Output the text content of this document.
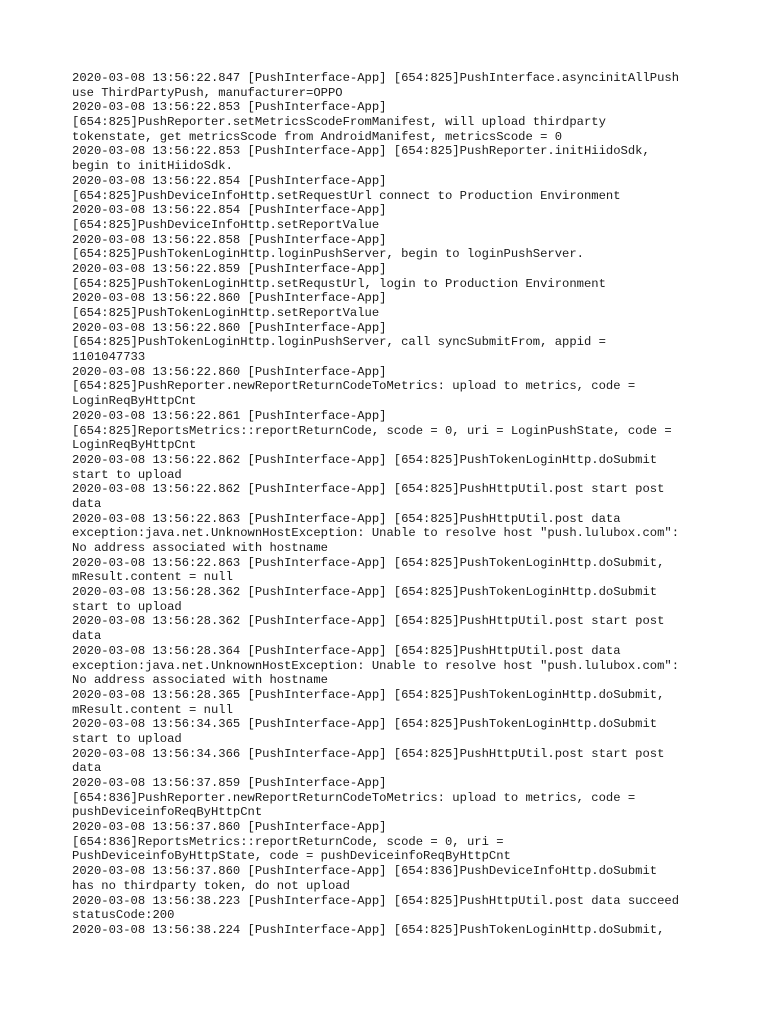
2020-03-08 13:56:22.847 [PushInterface-App] [654:825]PushInterface.asyncinitAllPush
use ThirdPartyPush, manufacturer=OPPO
2020-03-08 13:56:22.853 [PushInterface-App]
[654:825]PushReporter.setMetricsScodeFromManifest, will upload thirdparty
tokenstate, get metricsScode from AndroidManifest, metricsScode = 0
2020-03-08 13:56:22.853 [PushInterface-App] [654:825]PushReporter.initHiidoSdk,
begin to initHiidoSdk.
2020-03-08 13:56:22.854 [PushInterface-App]
[654:825]PushDeviceInfoHttp.setRequestUrl connect to Production Environment
2020-03-08 13:56:22.854 [PushInterface-App]
[654:825]PushDeviceInfoHttp.setReportValue
2020-03-08 13:56:22.858 [PushInterface-App]
[654:825]PushTokenLoginHttp.loginPushServer, begin to loginPushServer.
2020-03-08 13:56:22.859 [PushInterface-App]
[654:825]PushTokenLoginHttp.setRequstUrl, login to Production Environment
2020-03-08 13:56:22.860 [PushInterface-App]
[654:825]PushTokenLoginHttp.setReportValue
2020-03-08 13:56:22.860 [PushInterface-App]
[654:825]PushTokenLoginHttp.loginPushServer, call syncSubmitFrom, appid =
1101047733
2020-03-08 13:56:22.860 [PushInterface-App]
[654:825]PushReporter.newReportReturnCodeToMetrics: upload to metrics, code =
LoginReqByHttpCnt
2020-03-08 13:56:22.861 [PushInterface-App]
[654:825]ReportsMetrics::reportReturnCode, scode = 0, uri = LoginPushState, code =
LoginReqByHttpCnt
2020-03-08 13:56:22.862 [PushInterface-App] [654:825]PushTokenLoginHttp.doSubmit
start to upload
2020-03-08 13:56:22.862 [PushInterface-App] [654:825]PushHttpUtil.post start post
data
2020-03-08 13:56:22.863 [PushInterface-App] [654:825]PushHttpUtil.post data
exception:java.net.UnknownHostException: Unable to resolve host "push.lulubox.com":
No address associated with hostname
2020-03-08 13:56:22.863 [PushInterface-App] [654:825]PushTokenLoginHttp.doSubmit,
mResult.content = null
2020-03-08 13:56:28.362 [PushInterface-App] [654:825]PushTokenLoginHttp.doSubmit
start to upload
2020-03-08 13:56:28.362 [PushInterface-App] [654:825]PushHttpUtil.post start post
data
2020-03-08 13:56:28.364 [PushInterface-App] [654:825]PushHttpUtil.post data
exception:java.net.UnknownHostException: Unable to resolve host "push.lulubox.com":
No address associated with hostname
2020-03-08 13:56:28.365 [PushInterface-App] [654:825]PushTokenLoginHttp.doSubmit,
mResult.content = null
2020-03-08 13:56:34.365 [PushInterface-App] [654:825]PushTokenLoginHttp.doSubmit
start to upload
2020-03-08 13:56:34.366 [PushInterface-App] [654:825]PushHttpUtil.post start post
data
2020-03-08 13:56:37.859 [PushInterface-App]
[654:836]PushReporter.newReportReturnCodeToMetrics: upload to metrics, code =
pushDeviceinfoReqByHttpCnt
2020-03-08 13:56:37.860 [PushInterface-App]
[654:836]ReportsMetrics::reportReturnCode, scode = 0, uri =
PushDeviceinfoByHttpState, code = pushDeviceinfoReqByHttpCnt
2020-03-08 13:56:37.860 [PushInterface-App] [654:836]PushDeviceInfoHttp.doSubmit
has no thirdparty token, do not upload
2020-03-08 13:56:38.223 [PushInterface-App] [654:825]PushHttpUtil.post data succeed
statusCode:200
2020-03-08 13:56:38.224 [PushInterface-App] [654:825]PushTokenLoginHttp.doSubmit,
